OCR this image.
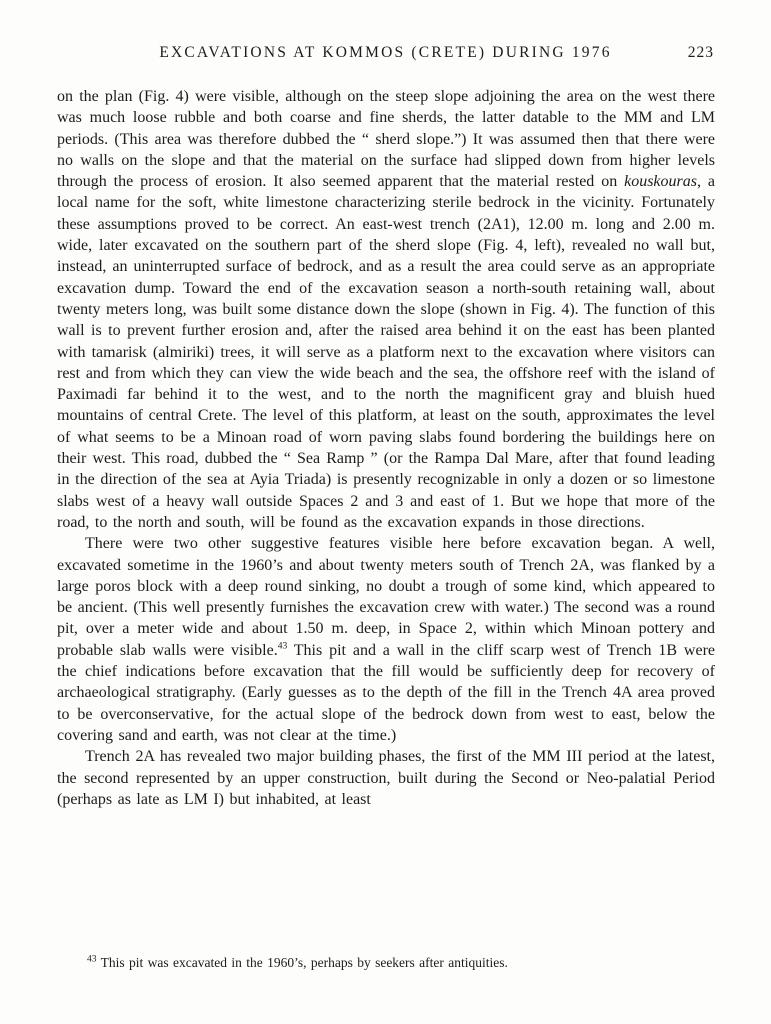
EXCAVATIONS AT KOMMOS (CRETE) DURING 1976	223

on the plan (Fig. 4) were visible, although on the steep slope adjoining the area on the west there was much loose rubble and both coarse and fine sherds, the latter datable to the MM and LM periods. (This area was therefore dubbed the “ sherd slope.”) It was assumed then that there were no walls on the slope and that the material on the surface had slipped down from higher levels through the process of erosion. It also seemed apparent that the material rested on kouskouras, a local name for the soft, white limestone characterizing sterile bedrock in the vicinity. Fortunately these assumptions proved to be correct. An east-west trench (2A1), 12.00 m. long and 2.00 m. wide, later excavated on the southern part of the sherd slope (Fig. 4, left), revealed no wall but, instead, an uninterrupted surface of bedrock, and as a result the area could serve as an appropriate excavation dump. Toward the end of the excavation season a north-south retaining wall, about twenty meters long, was built some distance down the slope (shown in Fig. 4). The function of this wall is to prevent further erosion and, after the raised area behind it on the east has been planted with tamarisk (almiriki) trees, it will serve as a platform next to the excavation where visitors can rest and from which they can view the wide beach and the sea, the offshore reef with the island of Paximadi far behind it to the west, and to the north the magnificent gray and bluish hued mountains of central Crete. The level of this platform, at least on the south, approximates the level of what seems to be a Minoan road of worn paving slabs found bordering the buildings here on their west. This road, dubbed the “ Sea Ramp ” (or the Rampa Dal Mare, after that found leading in the direction of the sea at Ayia Triada) is presently recognizable in only a dozen or so limestone slabs west of a heavy wall outside Spaces 2 and 3 and east of 1. But we hope that more of the road, to the north and south, will be found as the excavation expands in those directions.

There were two other suggestive features visible here before excavation began. A well, excavated sometime in the 1960’s and about twenty meters south of Trench 2A, was flanked by a large poros block with a deep round sinking, no doubt a trough of some kind, which appeared to be ancient. (This well presently furnishes the excavation crew with water.) The second was a round pit, over a meter wide and about 1.50 m. deep, in Space 2, within which Minoan pottery and probable slab walls were visible.$^{43}$ This pit and a wall in the cliff scarp west of Trench 1B were the chief indications before excavation that the fill would be sufficiently deep for recovery of archaeological stratigraphy. (Early guesses as to the depth of the fill in the Trench 4A area proved to be overconservative, for the actual slope of the bedrock down from west to east, below the covering sand and earth, was not clear at the time.)

Trench 2A has revealed two major building phases, the first of the MM III period at the latest, the second represented by an upper construction, built during the Second or Neo-palatial Period (perhaps as late as LM I) but inhabited, at least

$^{43}$ This pit was excavated in the 1960’s, perhaps by seekers after antiquities.
